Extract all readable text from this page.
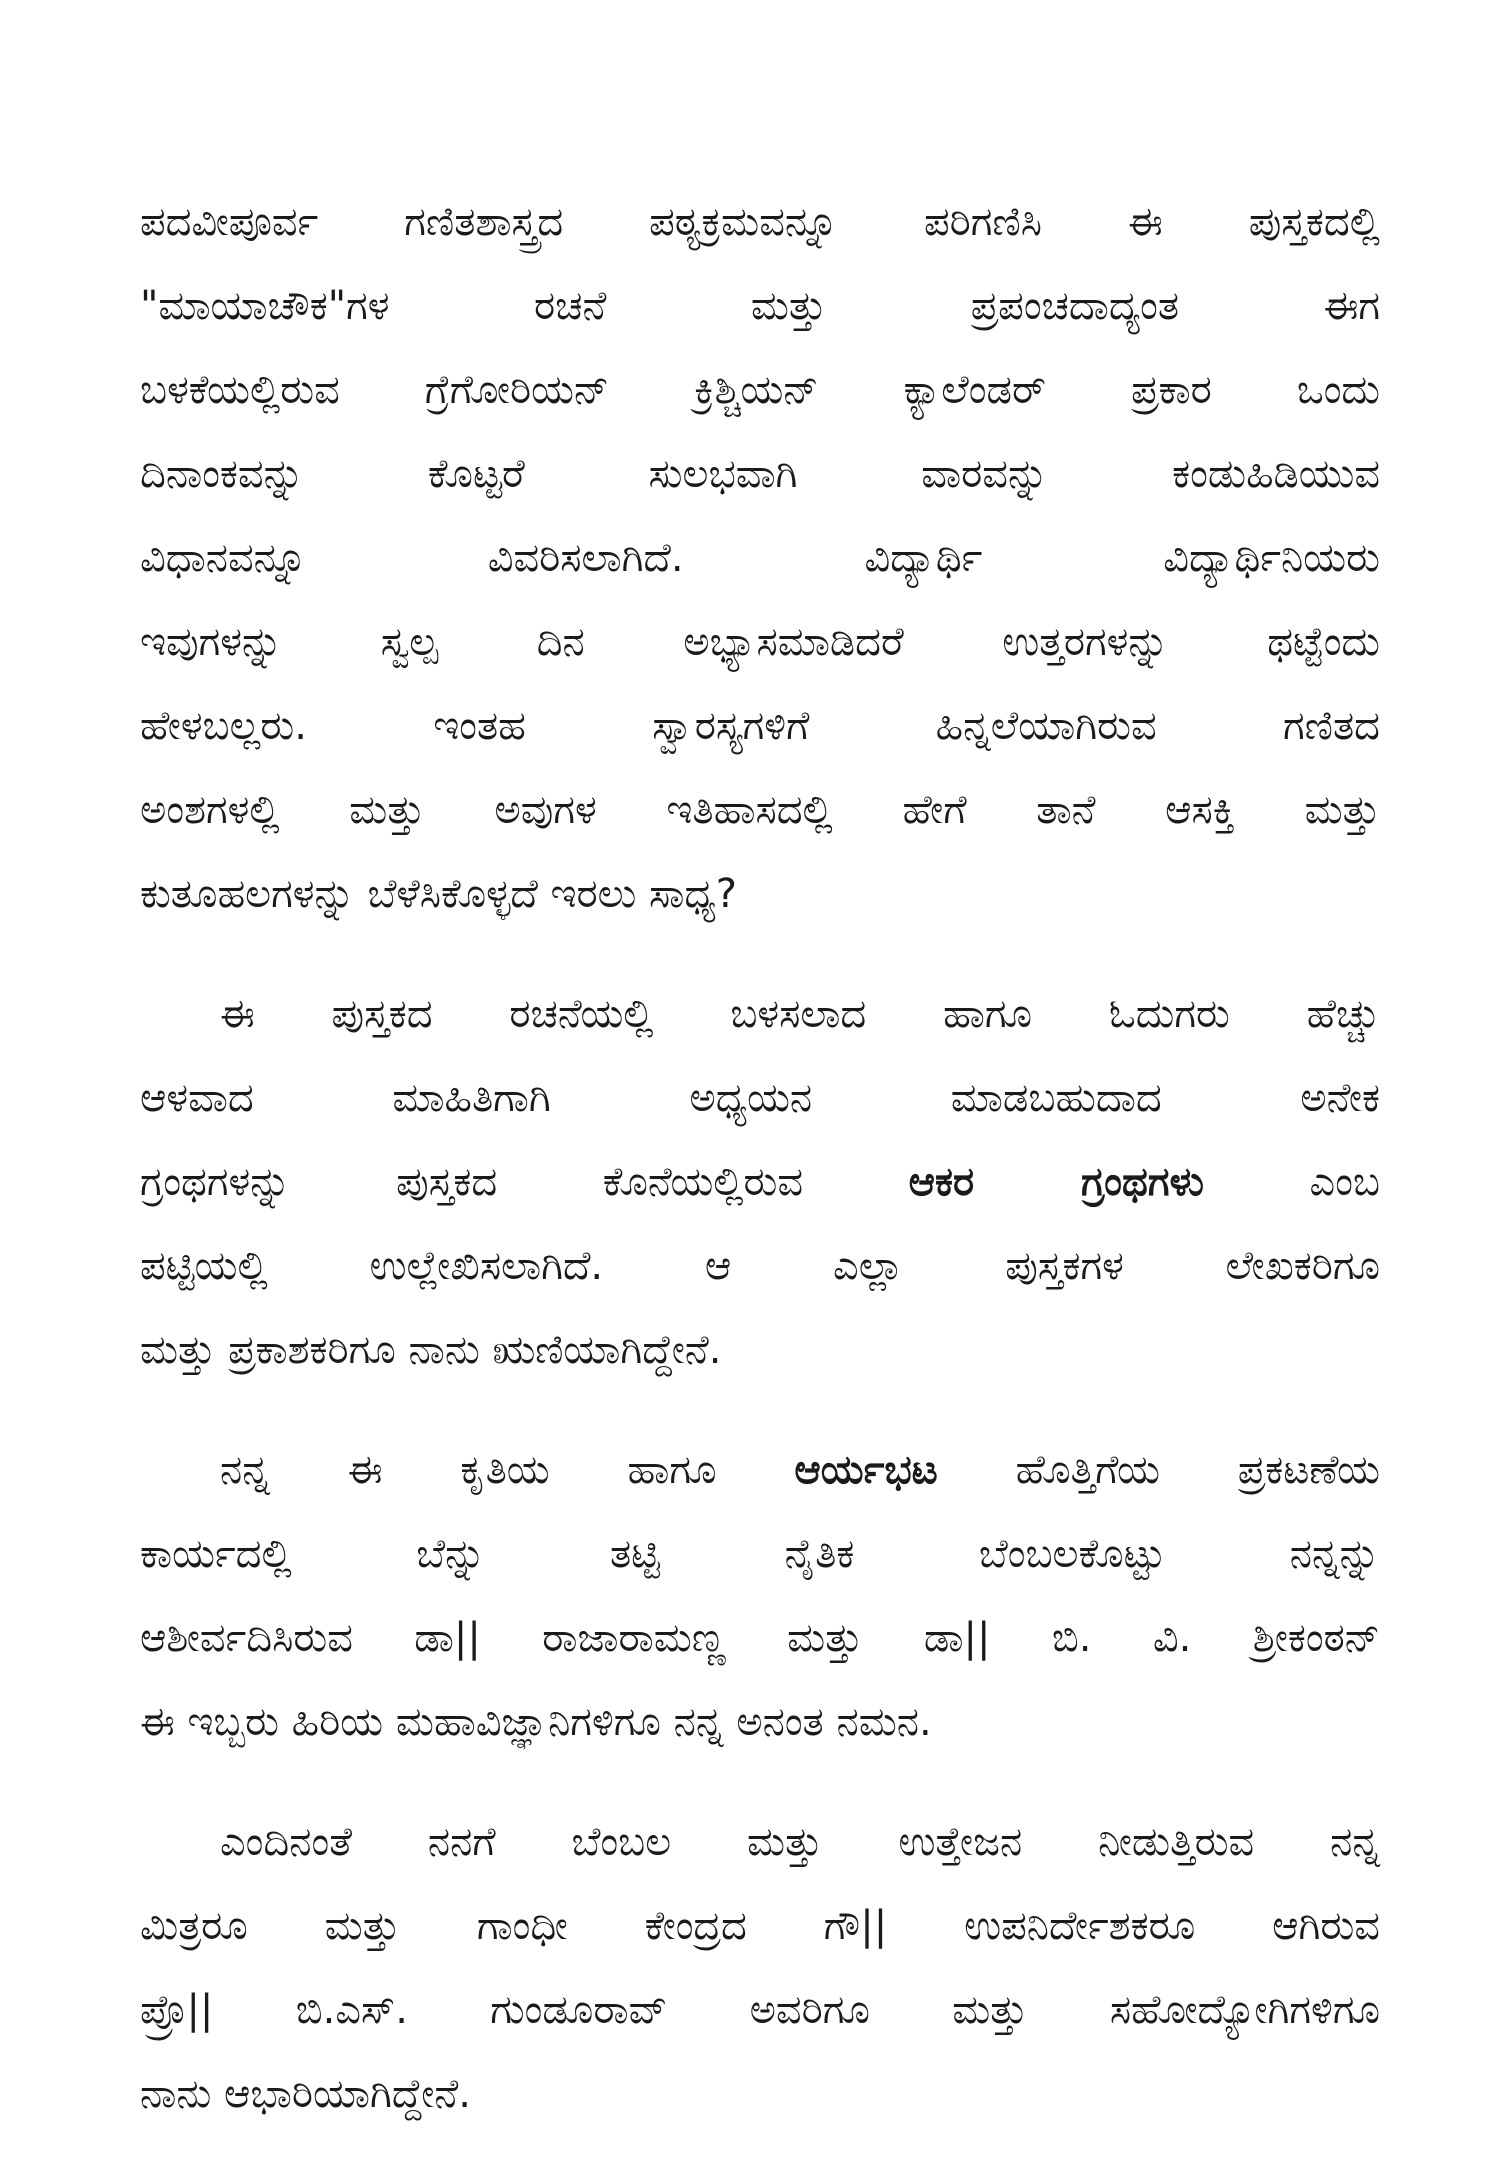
ಪದವೀಪೂರ್ವ ಗಣಿತಶಾಸ್ತ್ರದ ಪಠ್ಯಕ್ರಮವನ್ನೂ ಪರಿಗಣಿಸಿ ಈ ಪುಸ್ತಕದಲ್ಲಿ
"ಮಾಯಾಚೌಕ"ಗಳ ರಚನೆ ಮತ್ತು ಪ್ರಪಂಚದಾದ್ಯಂತ ಈಗ
ಬಳಕೆಯಲ್ಲಿರುವ ಗ್ರೆಗೋರಿಯನ್ ಕ್ರಿಶ್ಚಿಯನ್ ಕ್ಯಾಲೆಂಡರ್ ಪ್ರಕಾರ ಒಂದು
ದಿನಾಂಕವನ್ನು ಕೊಟ್ಟರೆ ಸುಲಭವಾಗಿ ವಾರವನ್ನು ಕಂಡುಹಿಡಿಯುವ
ವಿಧಾನವನ್ನೂ ವಿವರಿಸಲಾಗಿದೆ. ವಿದ್ಯಾರ್ಥಿ ವಿದ್ಯಾರ್ಥಿನಿಯರು
ಇವುಗಳನ್ನು ಸ್ವಲ್ಪ ದಿನ ಅಭ್ಯಾಸಮಾಡಿದರೆ ಉತ್ತರಗಳನ್ನು ಥಟ್ಟೆಂದು
ಹೇಳಬಲ್ಲರು. ಇಂತಹ ಸ್ವಾರಸ್ಯಗಳಿಗೆ ಹಿನ್ನಲೆಯಾಗಿರುವ ಗಣಿತದ
ಅಂಶಗಳಲ್ಲಿ ಮತ್ತು ಅವುಗಳ ಇತಿಹಾಸದಲ್ಲಿ ಹೇಗೆ ತಾನೆ ಆಸಕ್ತಿ ಮತ್ತು
ಕುತೂಹಲಗಳನ್ನು ಬೆಳೆಸಿಕೊಳ್ಳದೆ ಇರಲು ಸಾಧ್ಯ?
ಈ ಪುಸ್ತಕದ ರಚನೆಯಲ್ಲಿ ಬಳಸಲಾದ ಹಾಗೂ ಓದುಗರು ಹೆಚ್ಚು
ಆಳವಾದ ಮಾಹಿತಿಗಾಗಿ ಅಧ್ಯಯನ ಮಾಡಬಹುದಾದ ಅನೇಕ
ಗ್ರಂಥಗಳನ್ನು ಪುಸ್ತಕದ ಕೊನೆಯಲ್ಲಿರುವ ಆಕರ ಗ್ರಂಥಗಳು ಎಂಬ
ಪಟ್ಟಿಯಲ್ಲಿ ಉಲ್ಲೇಖಿಸಲಾಗಿದೆ. ಆ ಎಲ್ಲಾ ಪುಸ್ತಕಗಳ ಲೇಖಕರಿಗೂ
ಮತ್ತು ಪ್ರಕಾಶಕರಿಗೂ ನಾನು ಋಣಿಯಾಗಿದ್ದೇನೆ.
ನನ್ನ ಈ ಕೃತಿಯ ಹಾಗೂ ಆರ್ಯಭಟ ಹೊತ್ತಿಗೆಯ ಪ್ರಕಟಣೆಯ
ಕಾರ್ಯದಲ್ಲಿ ಬೆನ್ನು ತಟ್ಟಿ ನೈತಿಕ ಬೆಂಬಲಕೊಟ್ಟು ನನ್ನನ್ನು
ಆಶೀರ್ವದಿಸಿರುವ ಡಾ|| ರಾಜಾರಾಮಣ್ಣ ಮತ್ತು ಡಾ|| ಬಿ. ವಿ. ಶ್ರೀಕಂಠನ್
ಈ ಇಬ್ಬರು ಹಿರಿಯ ಮಹಾವಿಜ್ಞಾನಿಗಳಿಗೂ ನನ್ನ ಅನಂತ ನಮನ.
ಎಂದಿನಂತೆ ನನಗೆ ಬೆಂಬಲ ಮತ್ತು ಉತ್ತೇಜನ ನೀಡುತ್ತಿರುವ ನನ್ನ
ಮಿತ್ರರೂ ಮತ್ತು ಗಾಂಧೀ ಕೇಂದ್ರದ ಗೌ|| ಉಪನಿರ್ದೇಶಕರೂ ಆಗಿರುವ
ಪ್ರೊ|| ಬಿ.ಎಸ್. ಗುಂಡೂರಾವ್ ಅವರಿಗೂ ಮತ್ತು ಸಹೋದ್ಯೋಗಿಗಳಿಗೂ
ನಾನು ಆಭಾರಿಯಾಗಿದ್ದೇನೆ.
